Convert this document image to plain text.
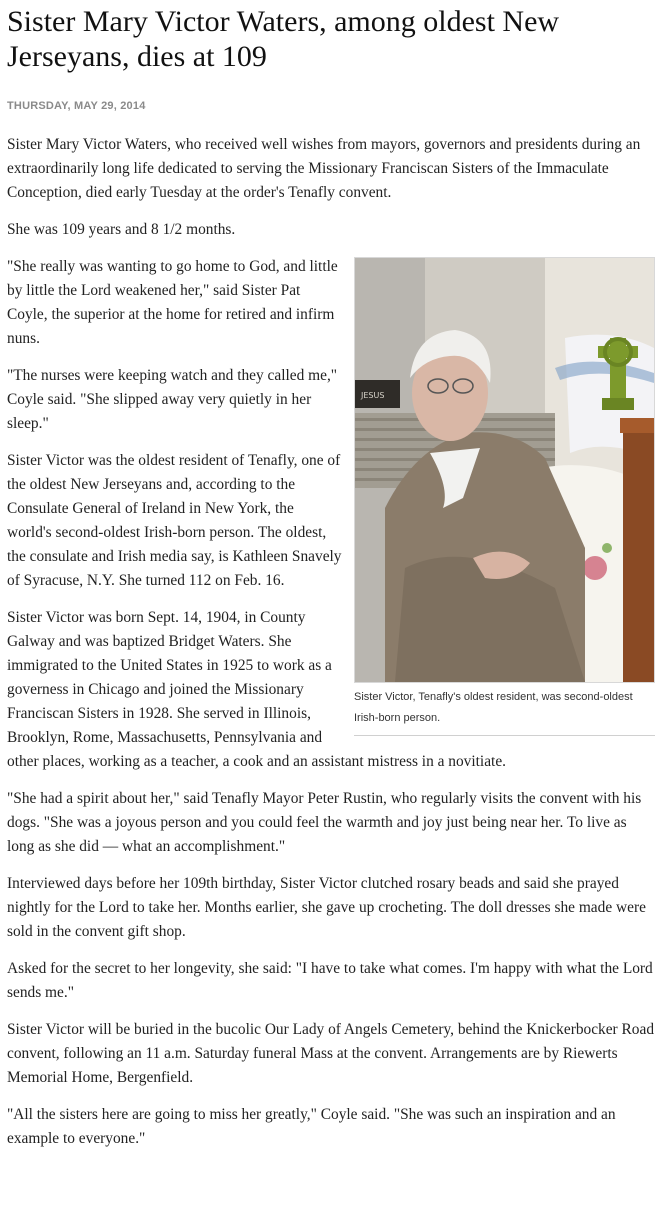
Sister Mary Victor Waters, among oldest New Jerseyans, dies at 109
THURSDAY, MAY 29, 2014

Sister Mary Victor Waters, who received well wishes from mayors, governors and presidents during an extraordinarily long life dedicated to serving the Missionary Franciscan Sisters of the Immaculate Conception, died early Tuesday at the order's Tenafly convent.

She was 109 years and 8 1/2 months.

JESUS
Sister Victor, Tenafly's oldest resident, was second-oldest Irish-born person.

"She really was wanting to go home to God, and little by little the Lord weakened her," said Sister Pat Coyle, the superior at the home for retired and infirm nuns.

"The nurses were keeping watch and they called me," Coyle said. "She slipped away very quietly in her sleep."

Sister Victor was the oldest resident of Tenafly, one of the oldest New Jerseyans and, according to the Consulate General of Ireland in New York, the world's second-oldest Irish-born person. The oldest, the consulate and Irish media say, is Kathleen Snavely of Syracuse, N.Y. She turned 112 on Feb. 16.

Sister Victor was born Sept. 14, 1904, in County Galway and was baptized Bridget Waters. She immigrated to the United States in 1925 to work as a governess in Chicago and joined the Missionary Franciscan Sisters in 1928. She served in Illinois, Brooklyn, Rome, Massachusetts, Pennsylvania and other places, working as a teacher, a cook and an assistant mistress in a novitiate.

"She had a spirit about her," said Tenafly Mayor Peter Rustin, who regularly visits the convent with his dogs. "She was a joyous person and you could feel the warmth and joy just being near her. To live as long as she did — what an accomplishment."

Interviewed days before her 109th birthday, Sister Victor clutched rosary beads and said she prayed nightly for the Lord to take her. Months earlier, she gave up crocheting. The doll dresses she made were sold in the convent gift shop.

Asked for the secret to her longevity, she said: "I have to take what comes. I'm happy with what the Lord sends me."

Sister Victor will be buried in the bucolic Our Lady of Angels Cemetery, behind the Knickerbocker Road convent, following an 11 a.m. Saturday funeral Mass at the convent. Arrangements are by Riewerts Memorial Home, Bergenfield.

"All the sisters here are going to miss her greatly," Coyle said. "She was such an inspiration and an example to everyone."
